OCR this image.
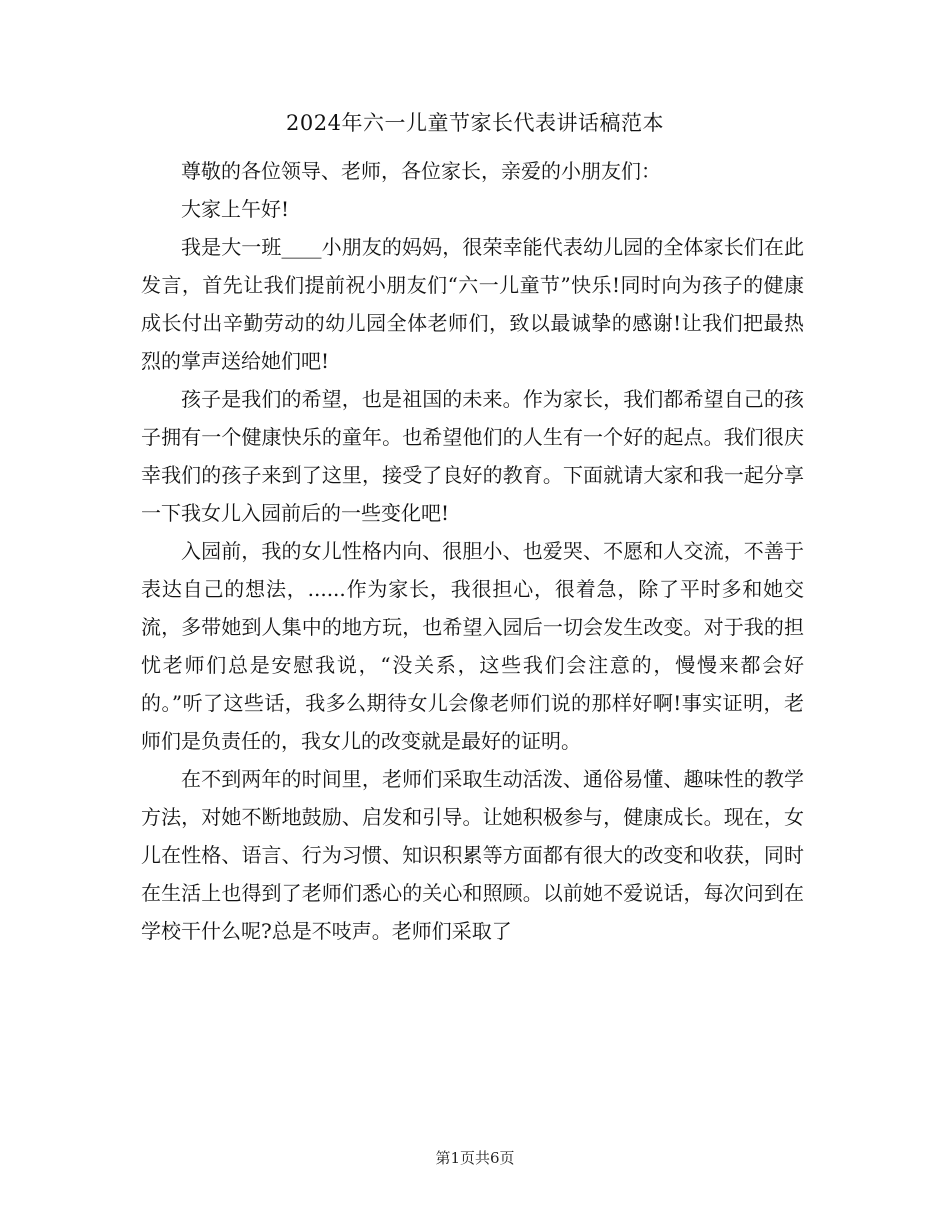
2024年六一儿童节家长代表讲话稿范本

尊敬的各位领导、老师，各位家长，亲爱的小朋友们：

大家上午好!

我是大一班____小朋友的妈妈，很荣幸能代表幼儿园的全体家长们在此发言，首先让我们提前祝小朋友们“六一儿童节”快乐!同时向为孩子的健康成长付出辛勤劳动的幼儿园全体老师们，致以最诚挚的感谢!让我们把最热烈的掌声送给她们吧!

孩子是我们的希望，也是祖国的未来。作为家长，我们都希望自己的孩子拥有一个健康快乐的童年。也希望他们的人生有一个好的起点。我们很庆幸我们的孩子来到了这里，接受了良好的教育。下面就请大家和我一起分享一下我女儿入园前后的一些变化吧!

入园前，我的女儿性格内向、很胆小、也爱哭、不愿和人交流，不善于表达自己的想法，......作为家长，我很担心，很着急，除了平时多和她交流，多带她到人集中的地方玩，也希望入园后一切会发生改变。对于我的担忧老师们总是安慰我说，“没关系，这些我们会注意的，慢慢来都会好的。”听了这些话，我多么期待女儿会像老师们说的那样好啊!事实证明，老师们是负责任的，我女儿的改变就是最好的证明。

在不到两年的时间里，老师们采取生动活泼、通俗易懂、趣味性的教学方法，对她不断地鼓励、启发和引导。让她积极参与，健康成长。现在，女儿在性格、语言、行为习惯、知识积累等方面都有很大的改变和收获，同时在生活上也得到了老师们悉心的关心和照顾。以前她不爱说话，每次问到在学校干什么呢?总是不吱声。老师们采取了

第1页共6页
